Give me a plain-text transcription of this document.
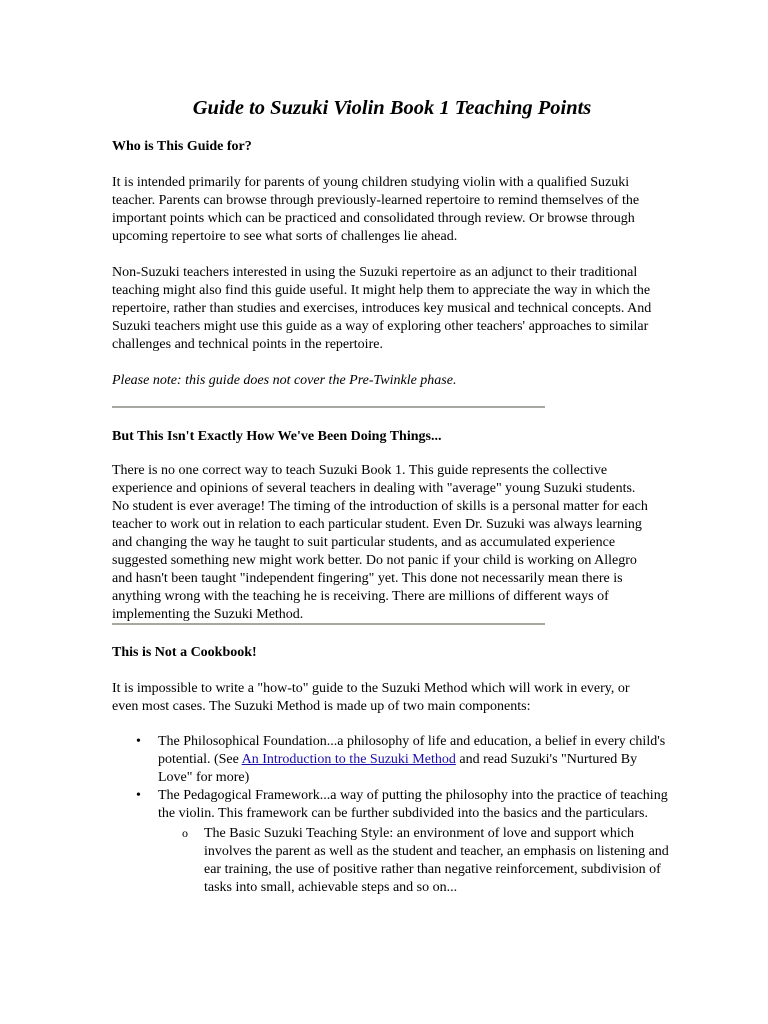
Guide to Suzuki Violin Book 1 Teaching Points
Who is This Guide for?

It is intended primarily for parents of young children studying violin with a qualified Suzuki teacher. Parents can browse through previously-learned repertoire to remind themselves of the important points which can be practiced and consolidated through review. Or browse through upcoming repertoire to see what sorts of challenges lie ahead.

Non-Suzuki teachers interested in using the Suzuki repertoire as an adjunct to their traditional teaching might also find this guide useful. It might help them to appreciate the way in which the repertoire, rather than studies and exercises, introduces key musical and technical concepts. And Suzuki teachers might use this guide as a way of exploring other teachers' approaches to similar challenges and technical points in the repertoire.

Please note: this guide does not cover the Pre-Twinkle phase.

But This Isn't Exactly How We've Been Doing Things...

There is no one correct way to teach Suzuki Book 1. This guide represents the collective experience and opinions of several teachers in dealing with "average" young Suzuki students. No student is ever average! The timing of the introduction of skills is a personal matter for each teacher to work out in relation to each particular student. Even Dr. Suzuki was always learning and changing the way he taught to suit particular students, and as accumulated experience suggested something new might work better. Do not panic if your child is working on Allegro and hasn't been taught "independent fingering" yet. This done not necessarily mean there is anything wrong with the teaching he is receiving. There are millions of different ways of implementing the Suzuki Method.

This is Not a Cookbook!

It is impossible to write a "how-to" guide to the Suzuki Method which will work in every, or even most cases. The Suzuki Method is made up of two main components:

• The Philosophical Foundation...a philosophy of life and education, a belief in every child's potential. (See An Introduction to the Suzuki Method and read Suzuki's "Nurtured By Love" for more)
• The Pedagogical Framework...a way of putting the philosophy into the practice of teaching the violin. This framework can be further subdivided into the basics and the particulars.
o The Basic Suzuki Teaching Style: an environment of love and support which involves the parent as well as the student and teacher, an emphasis on listening and ear training, the use of positive rather than negative reinforcement, subdivision of tasks into small, achievable steps and so on...
